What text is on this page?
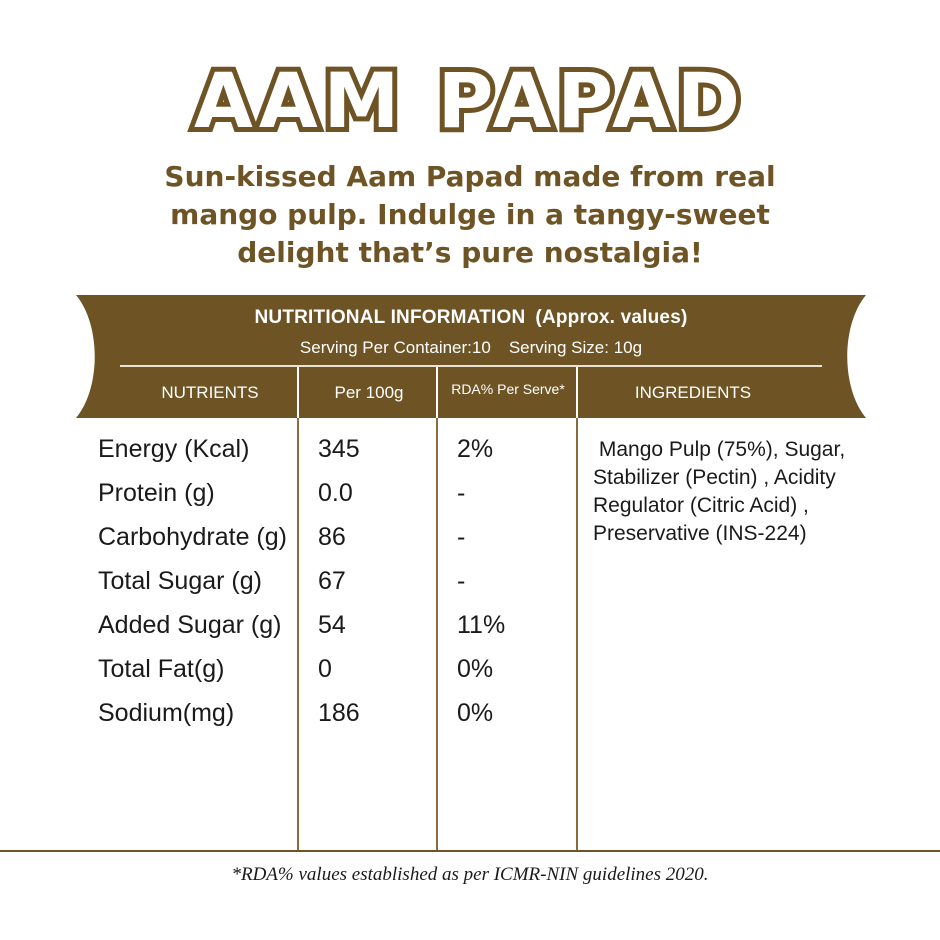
AAM PAPAD

Sun-kissed Aam Papad made from real mango pulp. Indulge in a tangy-sweet delight that’s pure nostalgia!

NUTRITIONAL INFORMATION (Approx. values)
Serving Per Container:10 Serving Size: 10g
NUTRIENTS	Per 100g	RDA% Per Serve*	INGREDIENTS
Energy (Kcal)	345	2%
Protein (g)	0.0	-
Carbohydrate (g) 86	-
Total Sugar (g) 67	-
Added Sugar (g) 54	11%
Total Fat(g)	0	0%
Sodium(mg)	186	0%

Mango Pulp (75%), Sugar, Stabilizer (Pectin) , Acidity Regulator (Citric Acid) , Preservative (INS-224)

*RDA% values established as per ICMR-NIN guidelines 2020.
